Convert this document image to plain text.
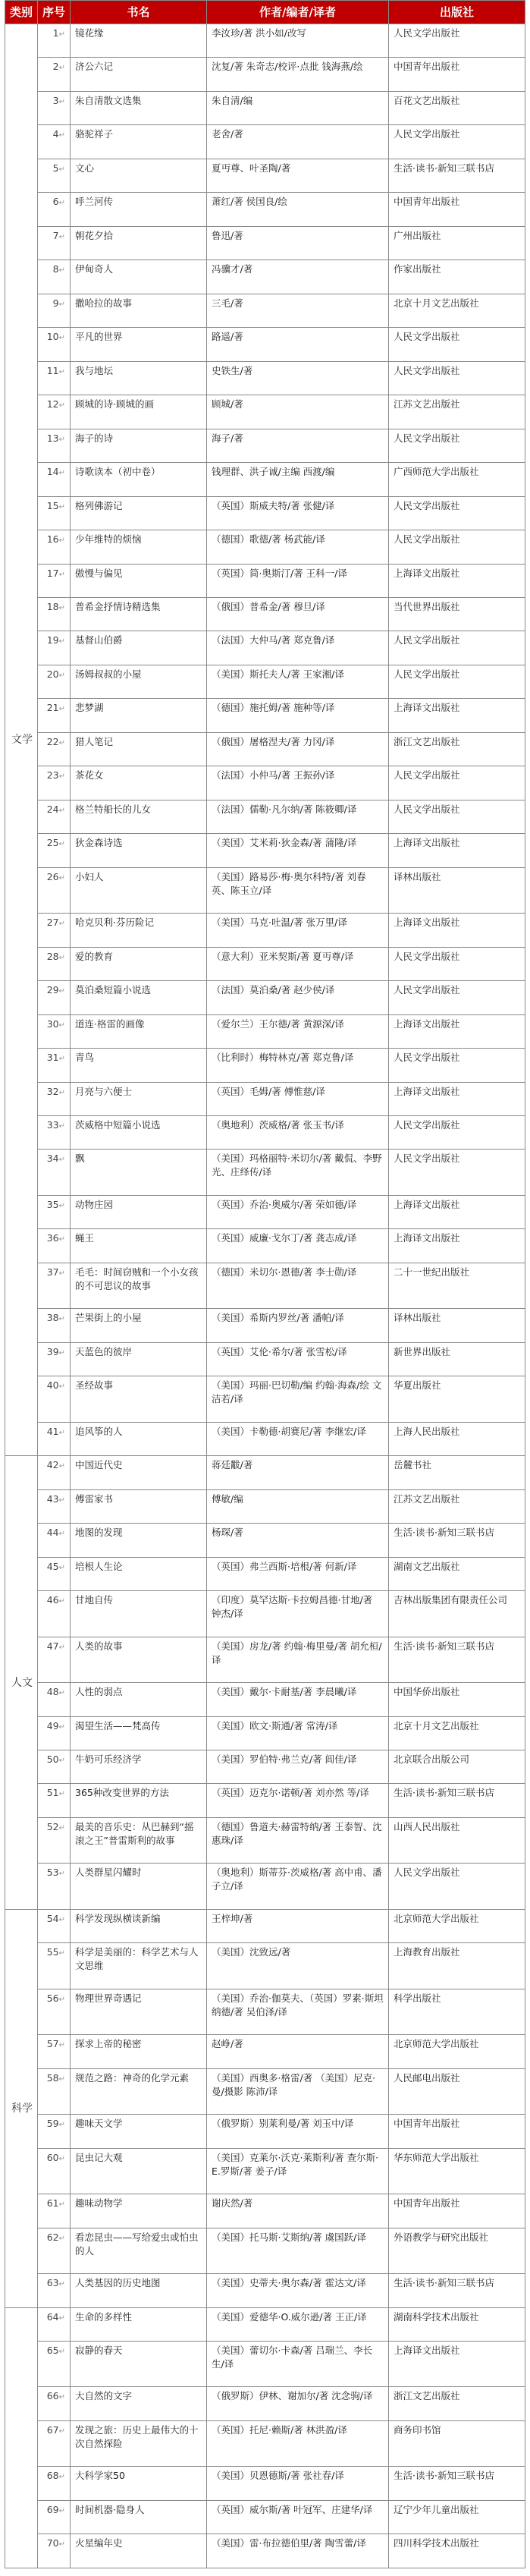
类别	序号	书名	作者/编者/译者	出版社
文学	1↵	镜花缘	李汝珍/著 洪小如/改写	人民文学出版社
	2↵	济公六记	沈复/著 朱奇志/校评·点批 钱海燕/绘	中国青年出版社
	3↵	朱自清散文选集	朱自清/编	百花文艺出版社
	4↵	骆驼祥子	老舍/著	人民文学出版社
	5↵	文心	夏丏尊、叶圣陶/著	生活·读书·新知三联书店
	6↵	呼兰河传	萧红/著 侯国良/绘	中国青年出版社
	7↵	朝花夕拾	鲁迅/著	广州出版社
	8↵	伊甸奇人	冯骥才/著	作家出版社
	9↵	撒哈拉的故事	三毛/著	北京十月文艺出版社
	10↵	平凡的世界	路遥/著	人民文学出版社
	11↵	我与地坛	史铁生/著	人民文学出版社
	12↵	顾城的诗·顾城的画	顾城/著	江苏文艺出版社
	13↵	海子的诗	海子/著	人民文学出版社
	14↵	诗歌读本（初中卷）	钱理群、洪子诚/主编 西渡/编	广西师范大学出版社
	15↵	格列佛游记	（英国）斯威夫特/著 张健/译	人民文学出版社
	16↵	少年维特的烦恼	（德国）歌德/著 杨武能/译	人民文学出版社
	17↵	傲慢与偏见	（英国）简·奥斯汀/著 王科一/译	上海译文出版社
	18↵	普希金抒情诗精选集	（俄国）普希金/著 穆旦/译	当代世界出版社
	19↵	基督山伯爵	（法国）大仲马/著 郑克鲁/译	人民文学出版社
	20↵	汤姆叔叔的小屋	（美国）斯托夫人/著 王家湘/译	人民文学出版社
	21↵	悲梦湖	（德国）施托姆/著 施种等/译	上海译文出版社
	22↵	猎人笔记	（俄国）屠格涅夫/著 力冈/译	浙江文艺出版社
	23↵	茶花女	（法国）小仲马/著 王振孙/译	人民文学出版社
	24↵	格兰特船长的儿女	（法国）儒勒·凡尔纳/著 陈筱卿/译	人民文学出版社
	25↵	狄金森诗选	（美国）艾米莉·狄金森/著 蒲隆/译	上海译文出版社
	26↵	小妇人	（美国）路易莎·梅·奥尔科特/著 刘春英、陈玉立/译	译林出版社
	27↵	哈克贝利·芬历险记	（美国）马克·吐温/著 张万里/译	上海译文出版社
	28↵	爱的教育	（意大利）亚米契斯/著 夏丏尊/译	人民文学出版社
	29↵	莫泊桑短篇小说选	（法国）莫泊桑/著 赵少侯/译	人民文学出版社
	30↵	道连·格雷的画像	（爱尔兰）王尔德/著 黄源深/译	上海译文出版社
	31↵	青鸟	（比利时）梅特林克/著 郑克鲁/译	人民文学出版社
	32↵	月亮与六便士	（英国）毛姆/著 傅惟慈/译	上海译文出版社
	33↵	茨威格中短篇小说选	（奥地利）茨威格/著 张玉书/译	人民文学出版社
	34↵	飘	（美国）玛格丽特·米切尔/著 戴侃、李野光、庄绎传/译	人民文学出版社
	35↵	动物庄园	（英国）乔治·奥威尔/著 荣如德/译	上海译文出版社
	36↵	蝇王	（英国）威廉·戈尔丁/著 龚志成/译	上海译文出版社
	37↵	毛毛：时间窃贼和一个小女孩的不可思议的故事	（德国）米切尔·恩德/著 李士勋/译	二十一世纪出版社
	38↵	芒果街上的小屋	（美国）希斯内罗丝/著 潘帕/译	译林出版社
	39↵	天蓝色的彼岸	（英国）艾伦·希尔/著 张雪松/译	新世界出版社
	40↵	圣经故事	（美国）玛丽·巴切勒/编 约翰·海森/绘 文洁若/译	华夏出版社
	41↵	追风筝的人	（美国）卡勒德·胡赛尼/著 李继宏/译	上海人民出版社
人文	42↵	中国近代史	蒋廷黻/著	岳麓书社
	43↵	傅雷家书	傅敏/编	江苏文艺出版社
	44↵	地图的发现	杨琛/著	生活·读书·新知三联书店
	45↵	培根人生论	（英国）弗兰西斯·培根/著 何新/译	湖南文艺出版社
	46↵	甘地自传	（印度）莫罕达斯·卡拉姆昌德·甘地/著 钟杰/译	吉林出版集团有限责任公司
	47↵	人类的故事	（美国）房龙/著 约翰·梅里曼/著 胡允桓/译	生活·读书·新知三联书店
	48↵	人性的弱点	（美国）戴尔·卡耐基/著 李晨曦/译	中国华侨出版社
	49↵	渴望生活——梵高传	（美国）欧文·斯通/著 常涛/译	北京十月文艺出版社
	50↵	牛奶可乐经济学	（美国）罗伯特·弗兰克/著 闾佳/译	北京联合出版公司
	51↵	365种改变世界的方法	（英国）迈克尔·诺顿/著 刘亦然 等/译	生活·读书·新知三联书店
	52↵	最美的音乐史：从巴赫到“摇滚之王”普雷斯利的故事	（德国）鲁道夫·赫雷特纳/著 王泰智、沈惠珠/译	山西人民出版社
	53↵	人类群星闪耀时	（奥地利）斯蒂芬·茨威格/著 高中甫、潘子立/译	人民文学出版社
科学	54↵	科学发现纵横谈新编	王梓坤/著	北京师范大学出版社
	55↵	科学是美丽的：科学艺术与人文思维	（美国）沈致远/著	上海教育出版社
	56↵	物理世界奇遇记	（美国）乔治·伽莫夫、（英国）罗素·斯坦纳德/著 吴伯泽/译	科学出版社
	57↵	探求上帝的秘密	赵峥/著	北京师范大学出版社
	58↵	规范之路：神奇的化学元素	（美国）西奥多·格雷/著 （美国）尼克·曼/摄影 陈沛/译	人民邮电出版社
	59↵	趣味天文学	（俄罗斯）别莱利曼/著 刘玉中/译	中国青年出版社
	60↵	昆虫记大观	（美国）克莱尔·沃克·莱斯利/著 查尔斯·E.罗斯/著 姜子/译	华东师范大学出版社
	61↵	趣味动物学	谢庆然/著	中国青年出版社
	62↵	看恋昆虫——写给爱虫或怕虫的人	（美国）托马斯·艾斯纳/著 虞国跃/译	外语教学与研究出版社
	63↵	人类基因的历史地图	（美国）史蒂夫·奥尔森/著 霍达文/译	生活·读书·新知三联书店
	64↵	生命的多样性	（美国）爱德华·O.威尔逊/著 王正/译	湖南科学技术出版社
	65↵	寂静的春天	（美国）蕾切尔·卡森/著 吕瑞兰、李长生/译	上海译文出版社
	66↵	大自然的文字	（俄罗斯）伊林、谢加尔/著 沈念驹/译	浙江文艺出版社
	67↵	发现之旅：历史上最伟大的十次自然探险	（英国）托尼·赖斯/著 林洪盈/译	商务印书馆
	68↵	大科学家50	（美国）贝恩德斯/著 张社春/译	生活·读书·新知三联书店
	69↵	时间机器·隐身人	（英国）威尔斯/著 叶冠军、庄建华/译	辽宁少年儿童出版社
	70↵	火星编年史	（美国）雷·布拉德伯里/著 陶雪蕾/译	四川科学技术出版社
